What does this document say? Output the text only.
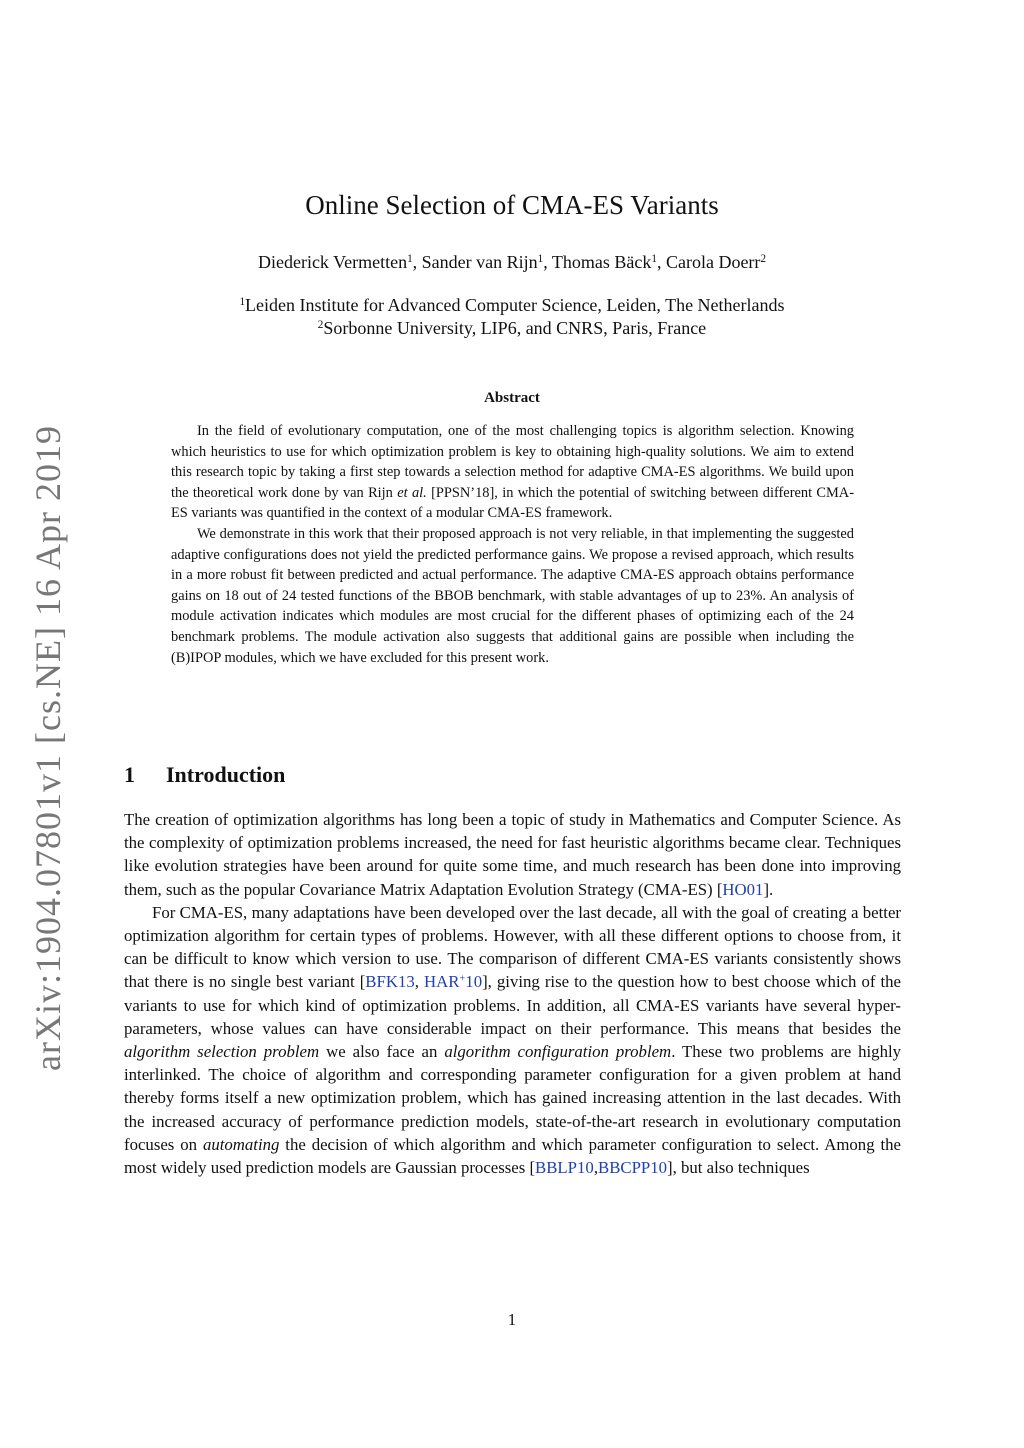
arXiv:1904.07801v1 [cs.NE] 16 Apr 2019
Online Selection of CMA-ES Variants
Diederick Vermetten$^1$, Sander van Rijn$^1$, Thomas Bäck$^1$, Carola Doerr$^2$
$^1$Leiden Institute for Advanced Computer Science, Leiden, The Netherlands
$^2$Sorbonne University, LIP6, and CNRS, Paris, France
Abstract

In the field of evolutionary computation, one of the most challenging topics is algorithm selection. Knowing which heuristics to use for which optimization problem is key to obtaining high-quality solutions. We aim to extend this research topic by taking a first step towards a selection method for adaptive CMA-ES algorithms. We build upon the theoretical work done by van Rijn et al. [PPSN’18], in which the potential of switching between different CMA-ES variants was quantified in the context of a modular CMA-ES framework.

We demonstrate in this work that their proposed approach is not very reliable, in that implementing the suggested adaptive configurations does not yield the predicted performance gains. We propose a revised approach, which results in a more robust fit between predicted and actual performance. The adaptive CMA-ES approach obtains performance gains on 18 out of 24 tested functions of the BBOB benchmark, with stable advantages of up to 23%. An analysis of module activation indicates which modules are most crucial for the different phases of optimizing each of the 24 benchmark problems. The module activation also suggests that additional gains are possible when including the (B)IPOP modules, which we have excluded for this present work.

1 Introduction

The creation of optimization algorithms has long been a topic of study in Mathematics and Computer Science. As the complexity of optimization problems increased, the need for fast heuristic algorithms became clear. Techniques like evolution strategies have been around for quite some time, and much research has been done into improving them, such as the popular Covariance Matrix Adaptation Evolution Strategy (CMA-ES) [HO01].

For CMA-ES, many adaptations have been developed over the last decade, all with the goal of creating a better optimization algorithm for certain types of problems. However, with all these different options to choose from, it can be difficult to know which version to use. The comparison of different CMA-ES variants consistently shows that there is no single best variant [BFK13, HAR+10], giving rise to the question how to best choose which of the variants to use for which kind of optimization problems. In addition, all CMA-ES variants have several hyper-parameters, whose values can have considerable impact on their performance. This means that besides the algorithm selection problem we also face an algorithm configuration problem. These two problems are highly interlinked. The choice of algorithm and corresponding parameter configuration for a given problem at hand thereby forms itself a new optimization problem, which has gained increasing attention in the last decades. With the increased accuracy of performance prediction models, state-of-the-art research in evolutionary computation focuses on automating the decision of which algorithm and which parameter configuration to select. Among the most widely used prediction models are Gaussian processes [BBLP10,BBCPP10], but also techniques

1
